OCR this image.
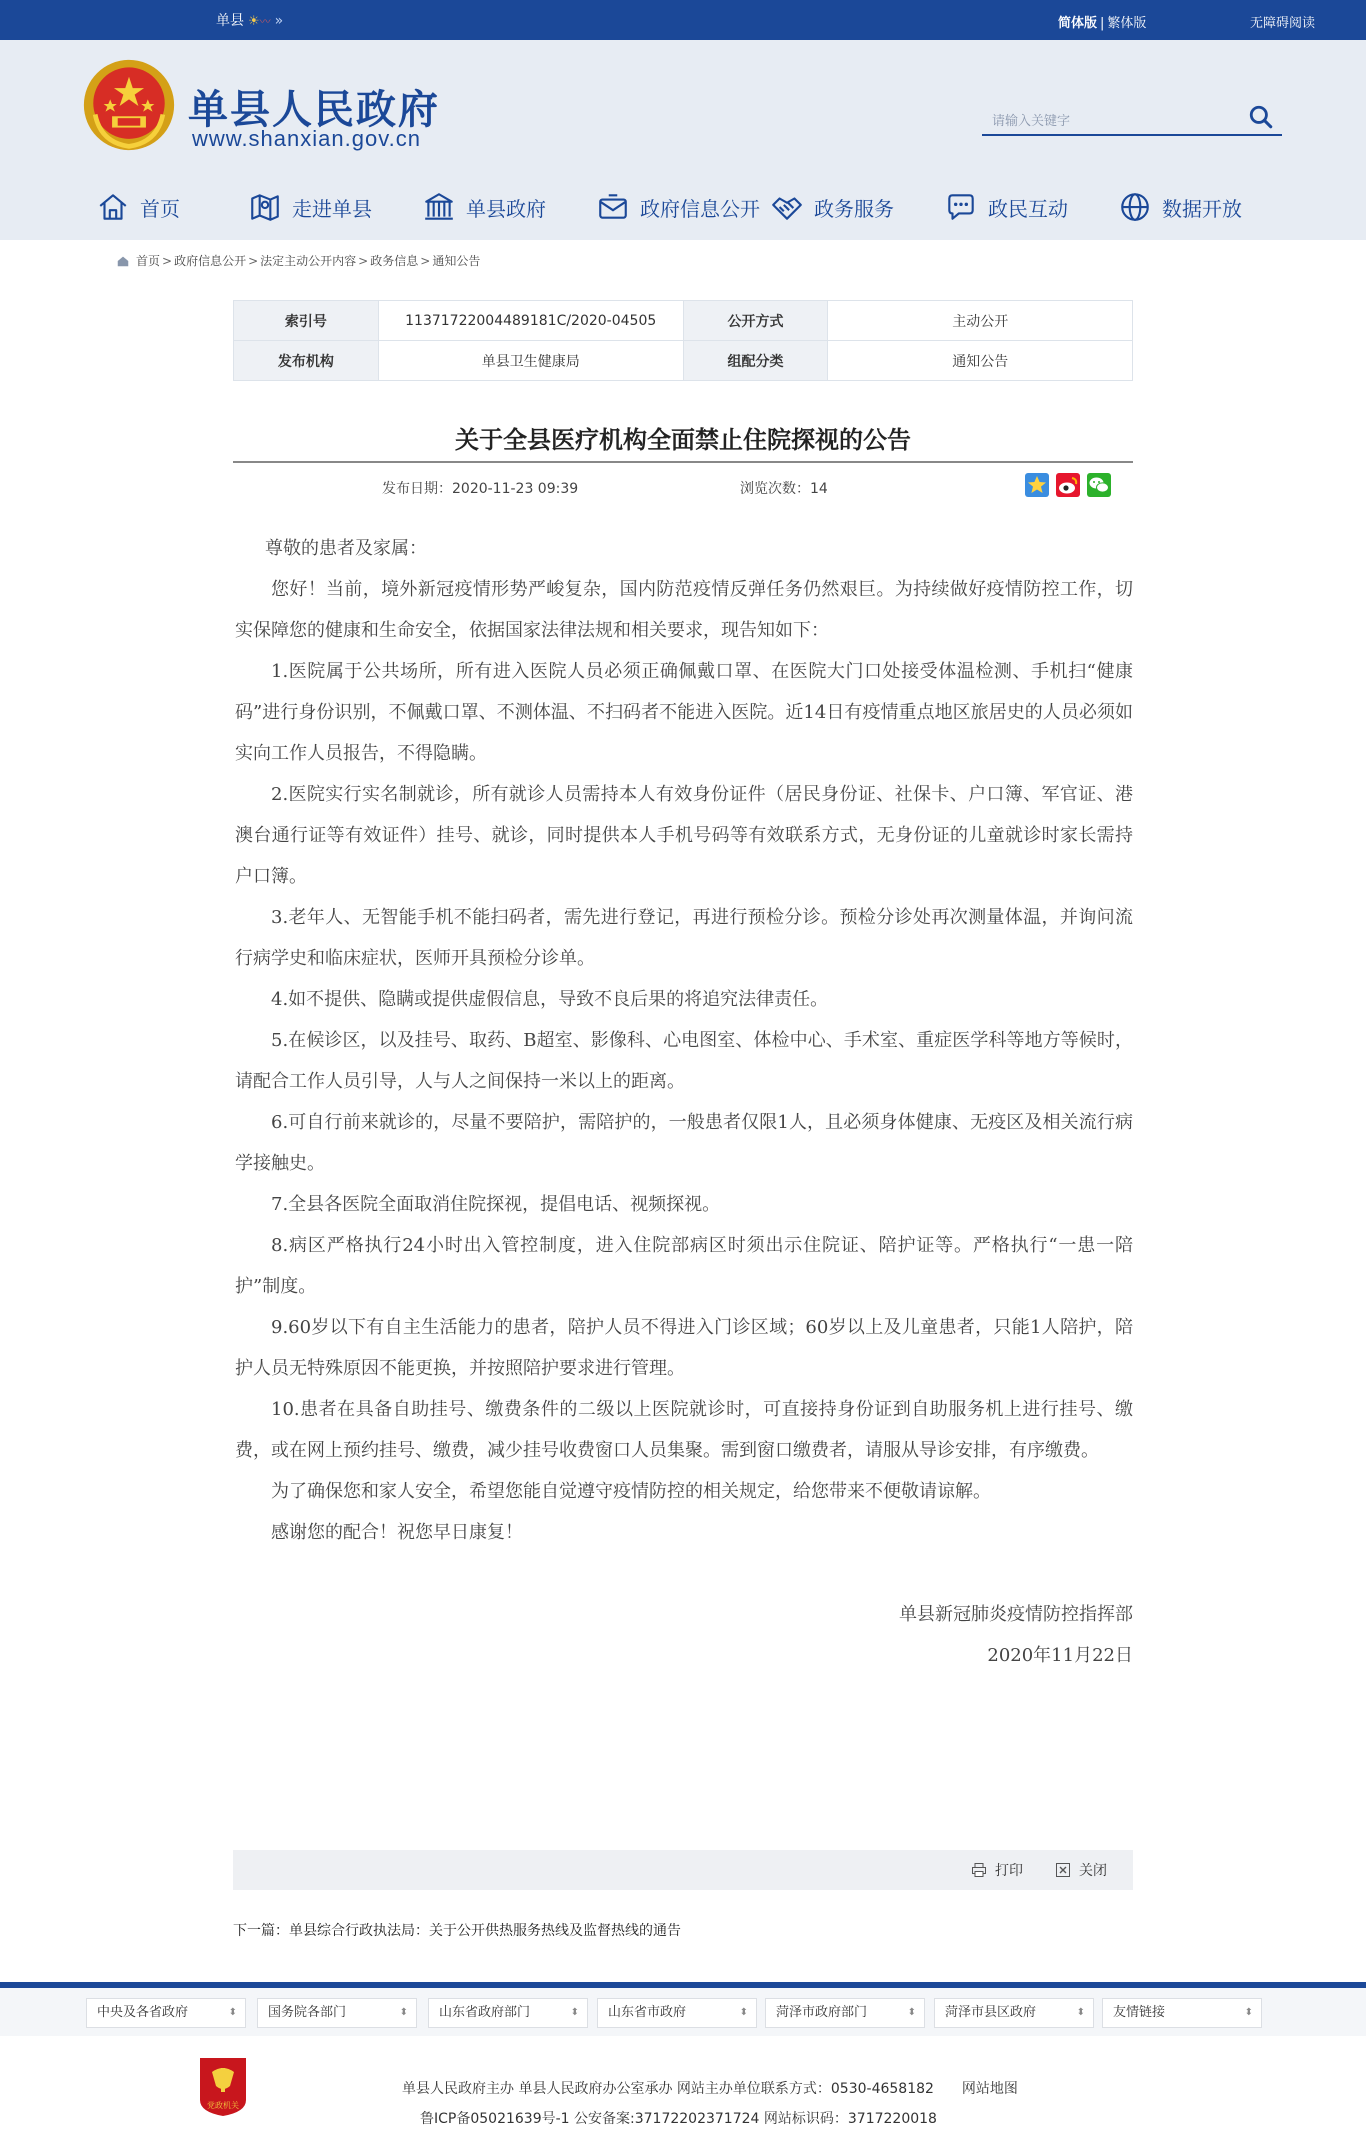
单县 ☀〰 »	简体版 | 繁体版	无障碍阅读
单县人民政府
www.shanxian.gov.cn
请输入关键字
首页	走进单县	单县政府	政府信息公开	政务服务	政民互动	数据开放
首页 > 政府信息公开 > 法定主动公开内容 > 政务信息 > 通知公告
索引号	11371722004489181C/2020-04505	公开方式	主动公开
发布机构	单县卫生健康局	组配分类	通知公告
关于全县医疗机构全面禁止住院探视的公告
发布日期：2020-11-23 09:39	浏览次数：14

尊敬的患者及家属：

您好！当前，境外新冠疫情形势严峻复杂，国内防范疫情反弹任务仍然艰巨。为持续做好疫情防控工作，切实保障您的健康和生命安全，依据国家法律法规和相关要求，现告知如下：

1.医院属于公共场所，所有进入医院人员必须正确佩戴口罩、在医院大门口处接受体温检测、手机扫“健康码”进行身份识别，不佩戴口罩、不测体温、不扫码者不能进入医院。近14日有疫情重点地区旅居史的人员必须如实向工作人员报告，不得隐瞒。

2.医院实行实名制就诊，所有就诊人员需持本人有效身份证件（居民身份证、社保卡、户口簿、军官证、港澳台通行证等有效证件）挂号、就诊，同时提供本人手机号码等有效联系方式，无身份证的儿童就诊时家长需持户口簿。

3.老年人、无智能手机不能扫码者，需先进行登记，再进行预检分诊。预检分诊处再次测量体温，并询问流行病学史和临床症状，医师开具预检分诊单。

4.如不提供、隐瞒或提供虚假信息，导致不良后果的将追究法律责任。

5.在候诊区，以及挂号、取药、B超室、影像科、心电图室、体检中心、手术室、重症医学科等地方等候时，请配合工作人员引导，人与人之间保持一米以上的距离。

6.可自行前来就诊的，尽量不要陪护，需陪护的，一般患者仅限1人，且必须身体健康、无疫区及相关流行病学接触史。

7.全县各医院全面取消住院探视，提倡电话、视频探视。

8.病区严格执行24小时出入管控制度，进入住院部病区时须出示住院证、陪护证等。严格执行“一患一陪护”制度。

9.60岁以下有自主生活能力的患者，陪护人员不得进入门诊区域；60岁以上及儿童患者，只能1人陪护，陪护人员无特殊原因不能更换，并按照陪护要求进行管理。

10.患者在具备自助挂号、缴费条件的二级以上医院就诊时，可直接持身份证到自助服务机上进行挂号、缴费，或在网上预约挂号、缴费，减少挂号收费窗口人员集聚。需到窗口缴费者，请服从导诊安排，有序缴费。

为了确保您和家人安全，希望您能自觉遵守疫情防控的相关规定，给您带来不便敬请谅解。

感谢您的配合！祝您早日康复！

单县新冠肺炎疫情防控指挥部

2020年11月22日

打印	关闭
下一篇：单县综合行政执法局：关于公开供热服务热线及监督热线的通告
中央及各省政府	⬍	国务院各部门	⬍	山东省政府部门	⬍	山东省市政府	⬍	菏泽市政府部门	⬍	菏泽市县区政府	⬍	友情链接	⬍
党政机关
单县人民政府主办 单县人民政府办公室承办 网站主办单位联系方式：0530-4658182　　网站地图
鲁ICP备05021639号-1 公安备案:37172202371724 网站标识码：3717220018
